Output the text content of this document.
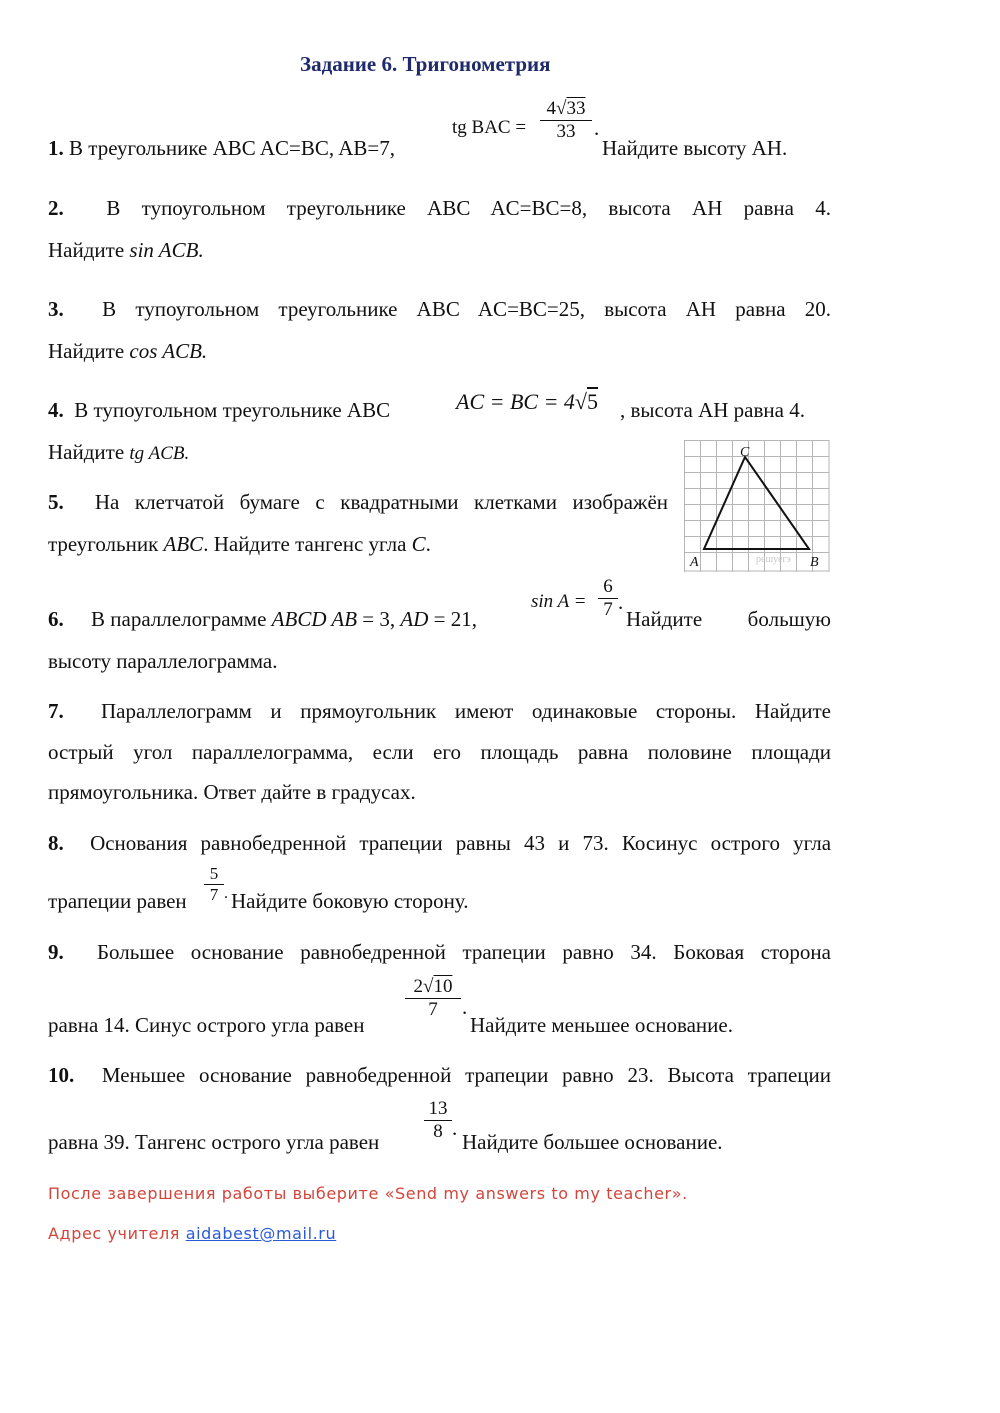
Задание 6. Тригонометрия
1. В треугольнике ABC AC=BC, AB=7,
tg BAC =
4√33
33 .
Найдите высоту AH.
2. В тупоугольном треугольнике ABC AC=BC=8, высота AH равна 4.
Найдите sin ACB.
3. В тупоугольном треугольнике ABC AC=BC=25, высота AH равна 20.
Найдите cos ACB.
4. В тупоугольном треугольнике ABC	AC = BC = 4√5 , высота AH равна 4.
Найдите tg ACB.
5. На клетчатой бумаге с квадратными клетками изображён
треугольник ABC. Найдите тангенс угла C.
решуегэ
A	B
C
6. В параллелограмме ABCD AB = 3, AD = 21,
sin A =
6
7 .
Найдите большую
высоту параллелограмма.
7. Параллелограмм и прямоугольник имеют одинаковые стороны. Найдите
острый угол параллелограмма, если его площадь равна половине площади
прямоугольника. Ответ дайте в градусах.
8. Основания равнобедренной трапеции равны 43 и 73. Косинус острого угла
трапеции равен
5
7 . Найдите боковую сторону.
9. Большее основание равнобедренной трапеции равно 34. Боковая сторона
равна 14. Синус острого угла равен
2√10
7	.
Найдите меньшее основание.
10. Меньшее основание равнобедренной трапеции равно 23. Высота трапеции
равна 39. Тангенс острого угла равен
13
8 .
Найдите большее основание.
После завершения работы выберите «Send my answers to my teacher».
Адрес учителя aidabest@mail.ru
